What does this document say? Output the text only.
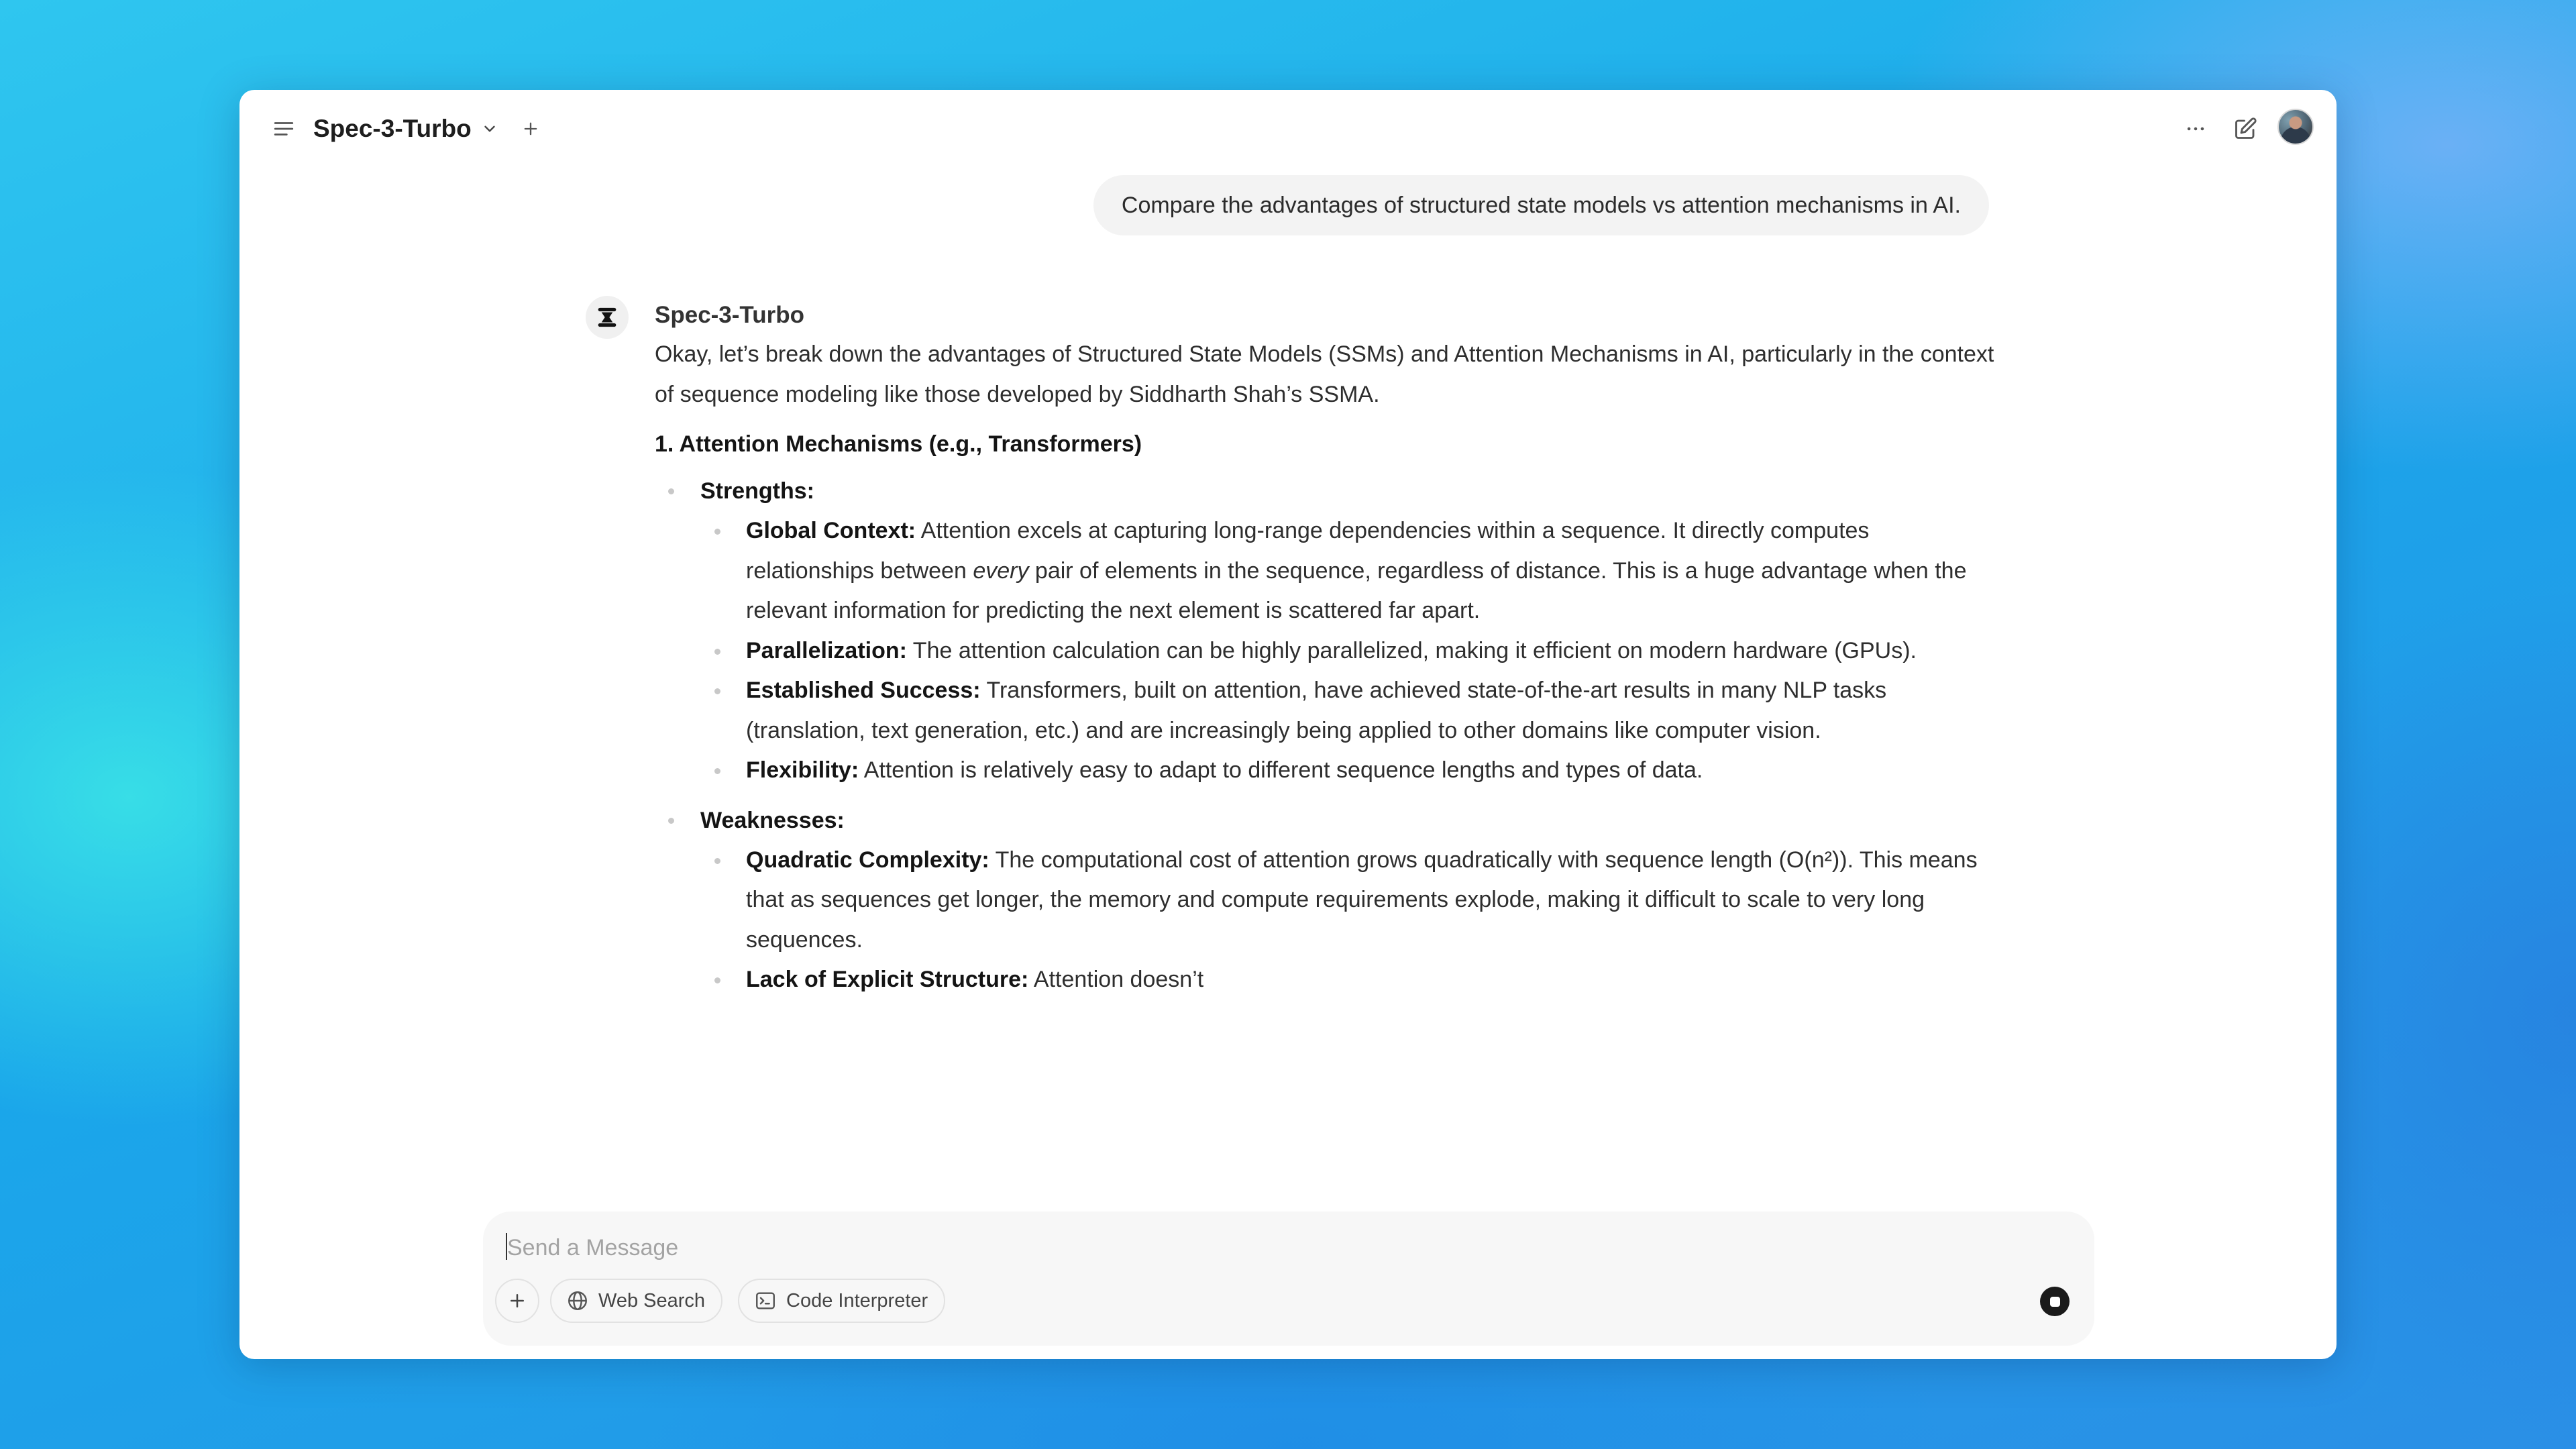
Spec-3-Turbo
Compare the advantages of structured state models vs attention mechanisms in AI.
Spec-3-Turbo

Okay, let’s break down the advantages of Structured State Models (SSMs) and Attention Mechanisms in AI, particularly in the context of sequence modeling like those developed by Siddharth Shah’s SSMA.

1. Attention Mechanisms (e.g., Transformers)
Strengths:
Global Context: Attention excels at capturing long-range dependencies within a sequence. It directly computes relationships between every pair of elements in the sequence, regardless of distance. This is a huge advantage when the relevant information for predicting the next element is scattered far apart.
Parallelization: The attention calculation can be highly parallelized, making it efficient on modern hardware (GPUs).
Established Success: Transformers, built on attention, have achieved state-of-the-art results in many NLP tasks (translation, text generation, etc.) and are increasingly being applied to other domains like computer vision.
Flexibility: Attention is relatively easy to adapt to different sequence lengths and types of data.
Weaknesses:
Quadratic Complexity: The computational cost of attention grows quadratically with sequence length (O(n²)). This means that as sequences get longer, the memory and compute requirements explode, making it difficult to scale to very long sequences.
Lack of Explicit Structure: Attention doesn’t
Send a Message
Web Search	Code Interpreter
